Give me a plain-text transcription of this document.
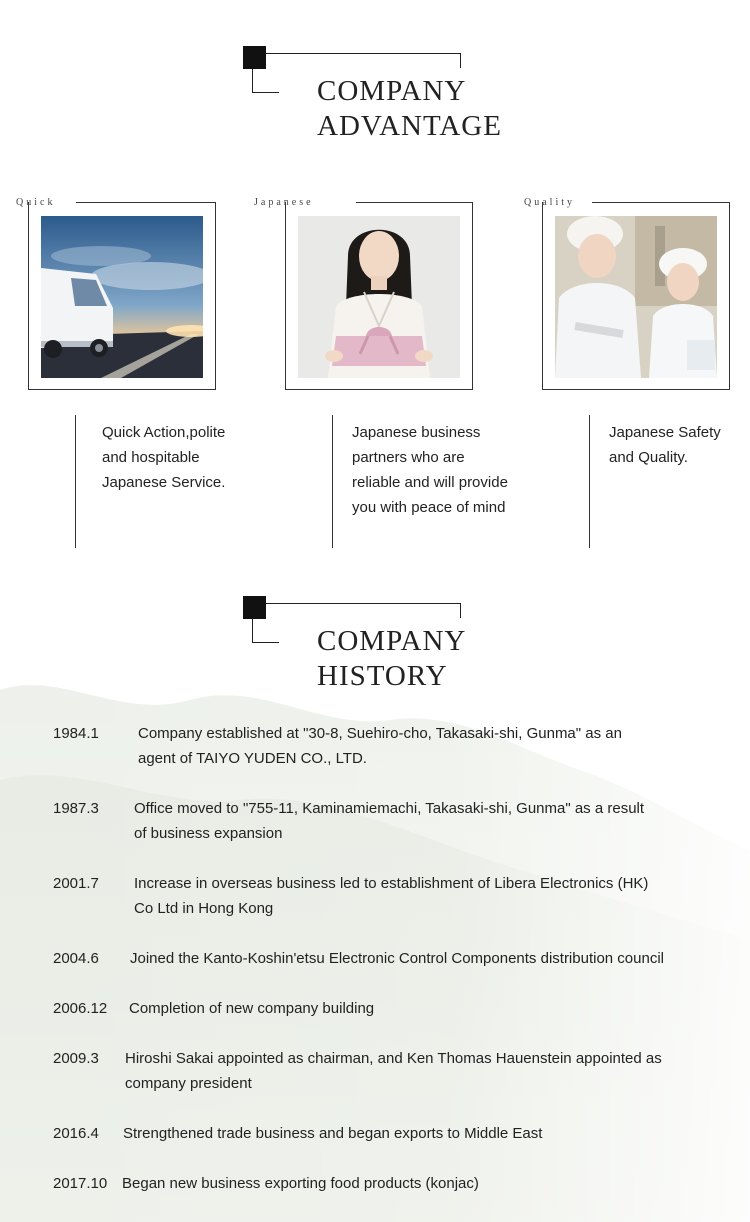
COMPANY
ADVANTAGE
Quick	Japanese	Quality

Quick Action,polite
and hospitable
Japanese Service.

Japanese business
partners who are
reliable and will provide
you with peace of mind

Japanese Safety
and Quality.

COMPANY
HISTORY
1984.1	Company established at "30-8, Suehiro-cho, Takasaki-shi, Gunma" as an
agent of TAIYO YUDEN CO., LTD.
1987.3 Office moved to "755-11, Kaminamiemachi, Takasaki-shi, Gunma" as a result
of business expansion
2001.7 Increase in overseas business led to establishment of Libera Electronics (HK)
Co Ltd in Hong Kong
2004.6 Joined the Kanto-Koshin'etsu Electronic Control Components distribution council
2006.12 Completion of new company building
2009.3 Hiroshi Sakai appointed as chairman, and Ken Thomas Hauenstein appointed as
company president
2016.4 Strengthened trade business and began exports to Middle East
2017.10 Began new business exporting food products (konjac)
